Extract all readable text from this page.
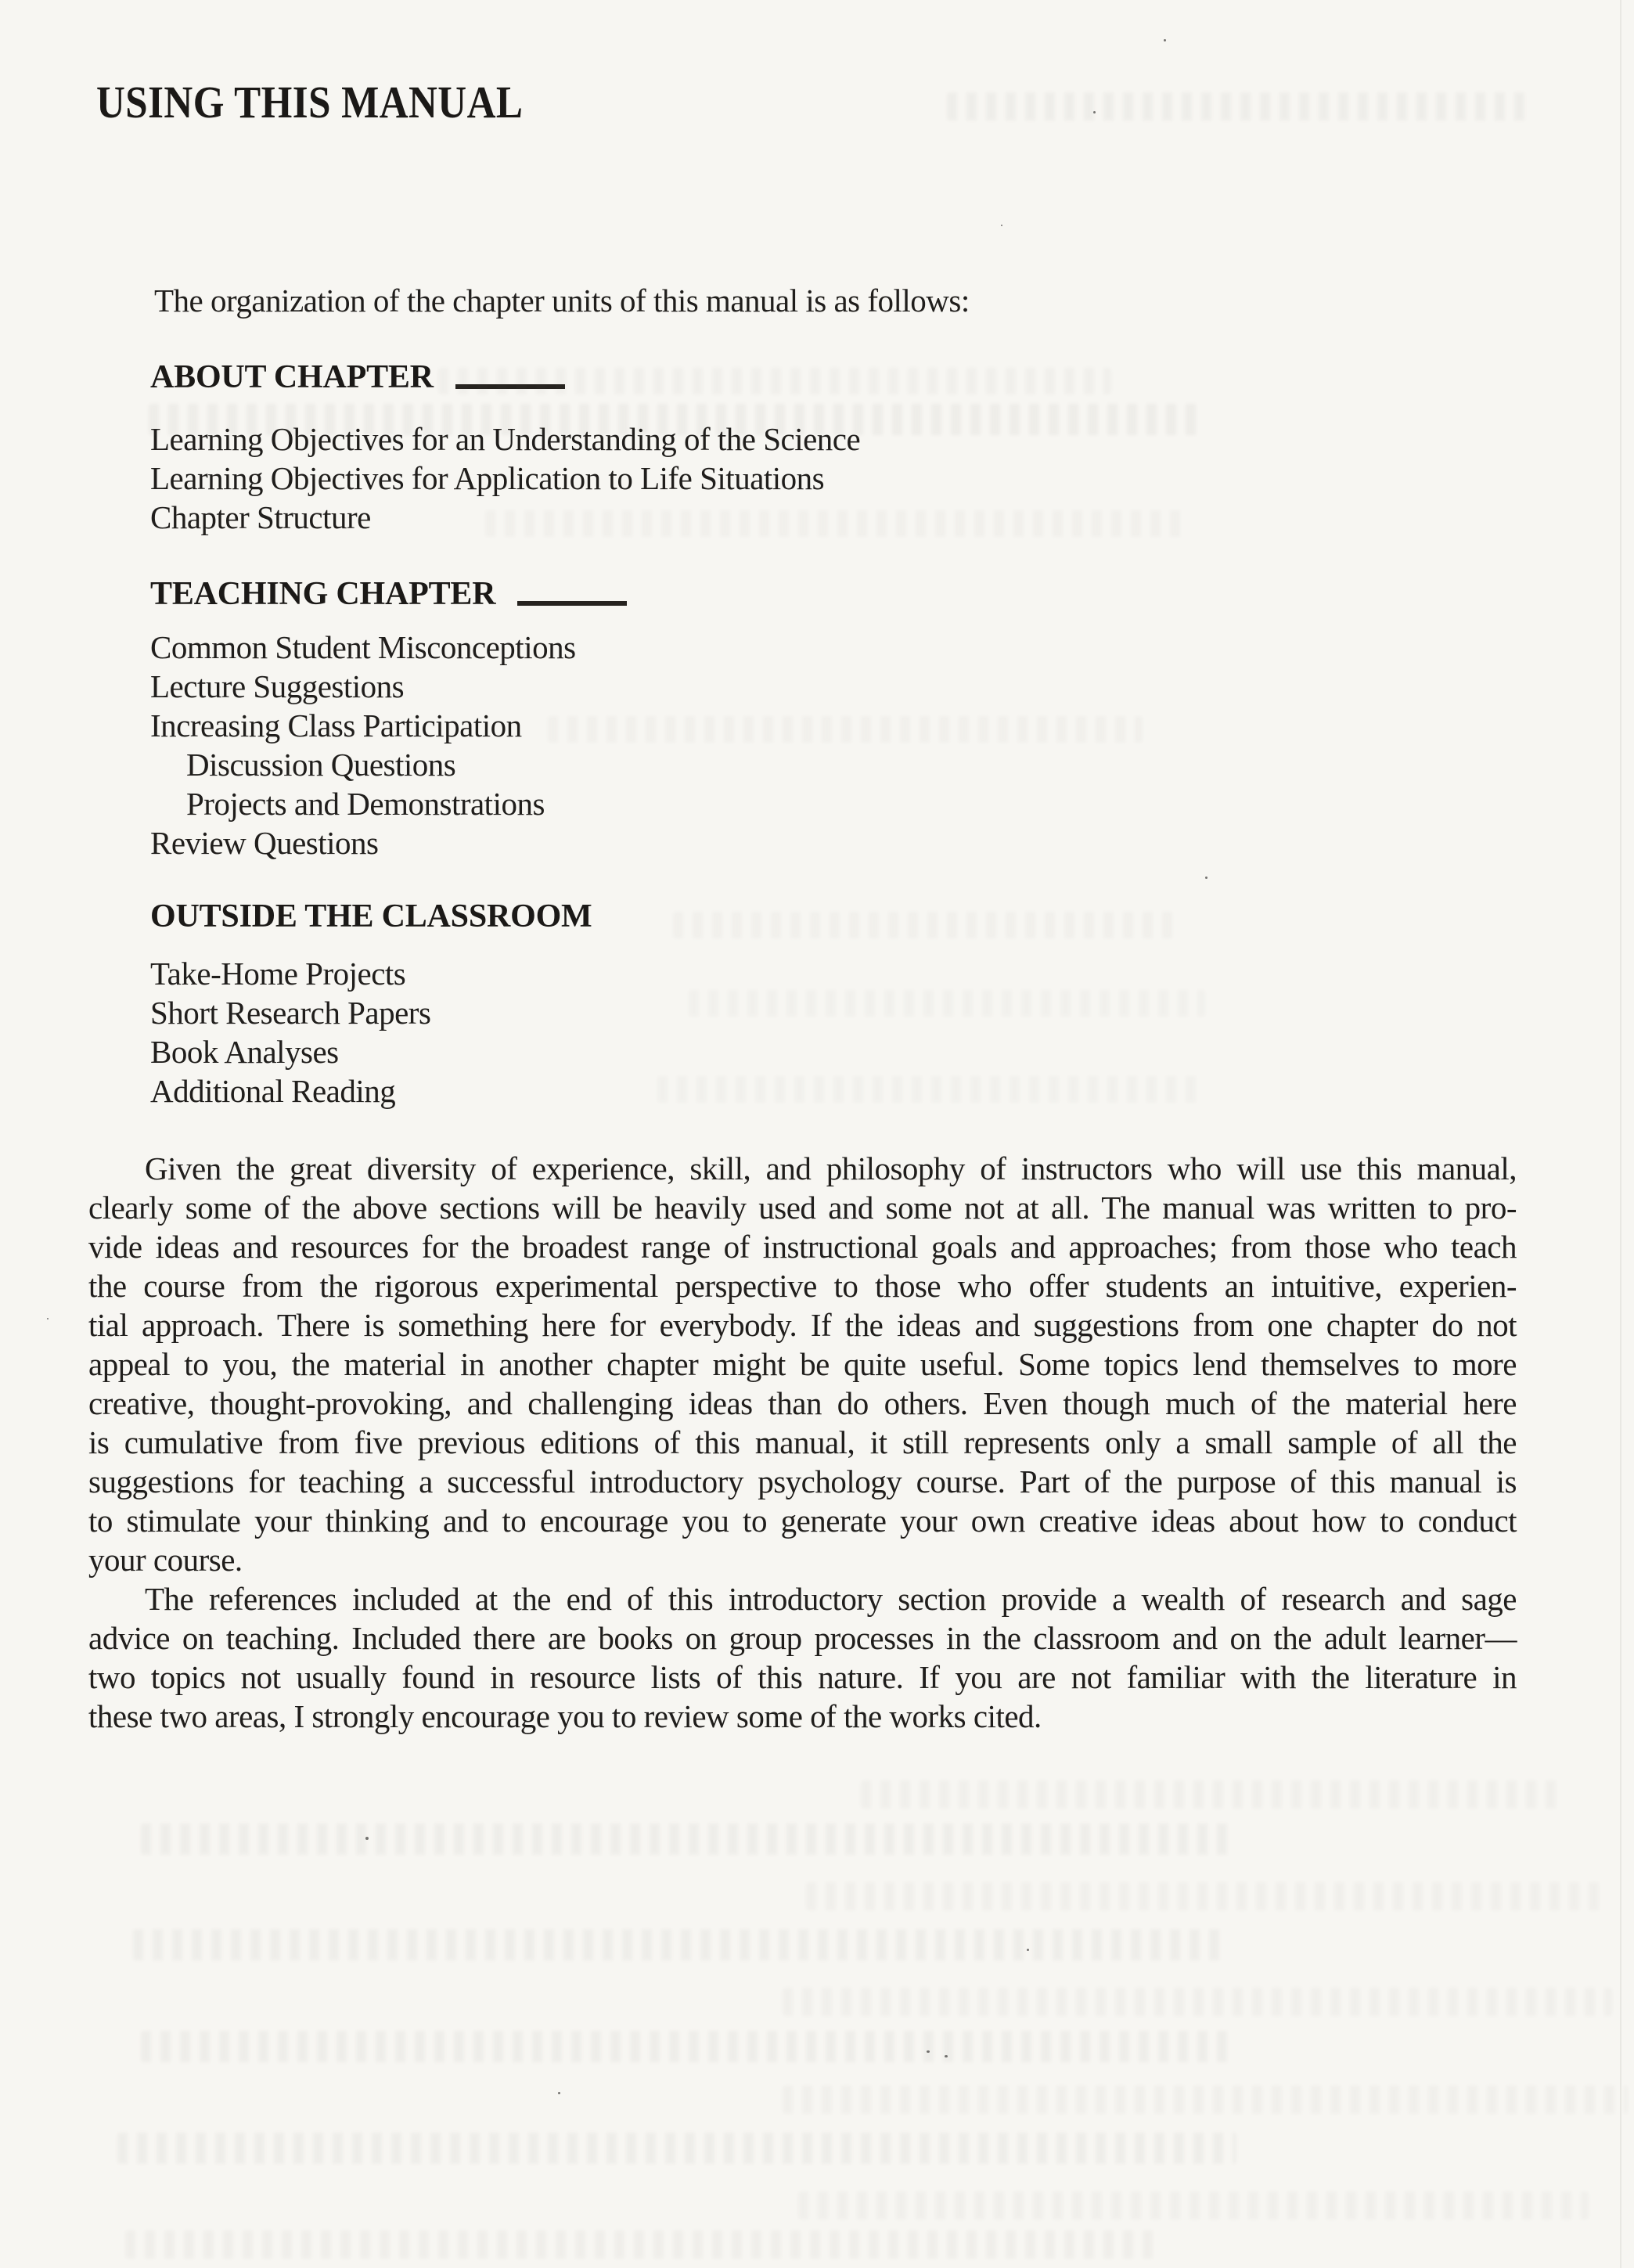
USING THIS MANUAL
The organization of the chapter units of this manual is as follows:
ABOUT CHAPTER
Learning Objectives for an Understanding of the Science
Learning Objectives for Application to Life Situations
Chapter Structure
TEACHING CHAPTER
Common Student Misconceptions
Lecture Suggestions
Increasing Class Participation
Discussion Questions
Projects and Demonstrations
Review Questions
OUTSIDE THE CLASSROOM
Take-Home Projects
Short Research Papers
Book Analyses
Additional Reading
Given the great diversity of experience, skill, and philosophy of instructors who will use this manual,
clearly some of the above sections will be heavily used and some not at all. The manual was written to pro-
vide ideas and resources for the broadest range of instructional goals and approaches; from those who teach
the course from the rigorous experimental perspective to those who offer students an intuitive, experien-
tial approach. There is something here for everybody. If the ideas and suggestions from one chapter do not
appeal to you, the material in another chapter might be quite useful. Some topics lend themselves to more
creative, thought-provoking, and challenging ideas than do others. Even though much of the material here
is cumulative from five previous editions of this manual, it still represents only a small sample of all the
suggestions for teaching a successful introductory psychology course. Part of the purpose of this manual is
to stimulate your thinking and to encourage you to generate your own creative ideas about how to conduct
your course.
The references included at the end of this introductory section provide a wealth of research and sage
advice on teaching. Included there are books on group processes in the classroom and on the adult learner—
two topics not usually found in resource lists of this nature. If you are not familiar with the literature in
these two areas, I strongly encourage you to review some of the works cited.
